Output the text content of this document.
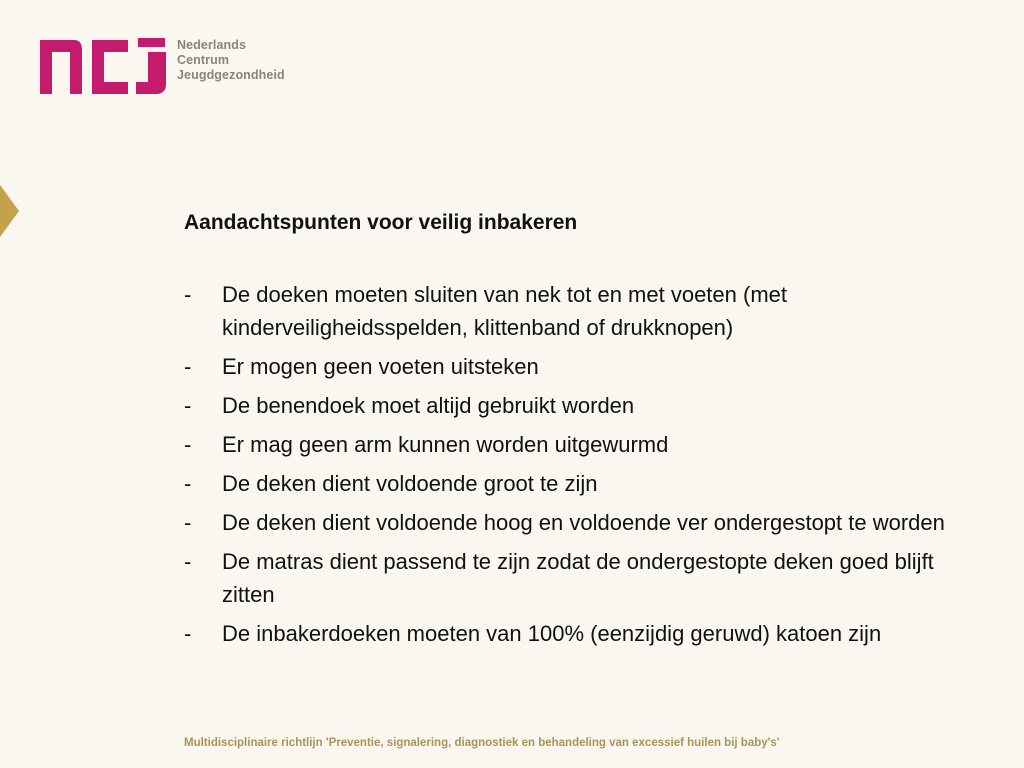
Nederlands
Centrum
Jeugdgezondheid
Aandachtspunten voor veilig inbakeren
- De doeken moeten sluiten van nek tot en met voeten (met kinderveiligheidsspelden, klittenband of drukknopen)
- Er mogen geen voeten uitsteken
- De benendoek moet altijd gebruikt worden
- Er mag geen arm kunnen worden uitgewurmd
- De deken dient voldoende groot te zijn
- De deken dient voldoende hoog en voldoende ver ondergestopt te worden
- De matras dient passend te zijn zodat de ondergestopte deken goed blijft zitten
- De inbakerdoeken moeten van 100% (eenzijdig geruwd) katoen zijn
Multidisciplinaire richtlijn 'Preventie, signalering, diagnostiek en behandeling van excessief huilen bij baby's'
